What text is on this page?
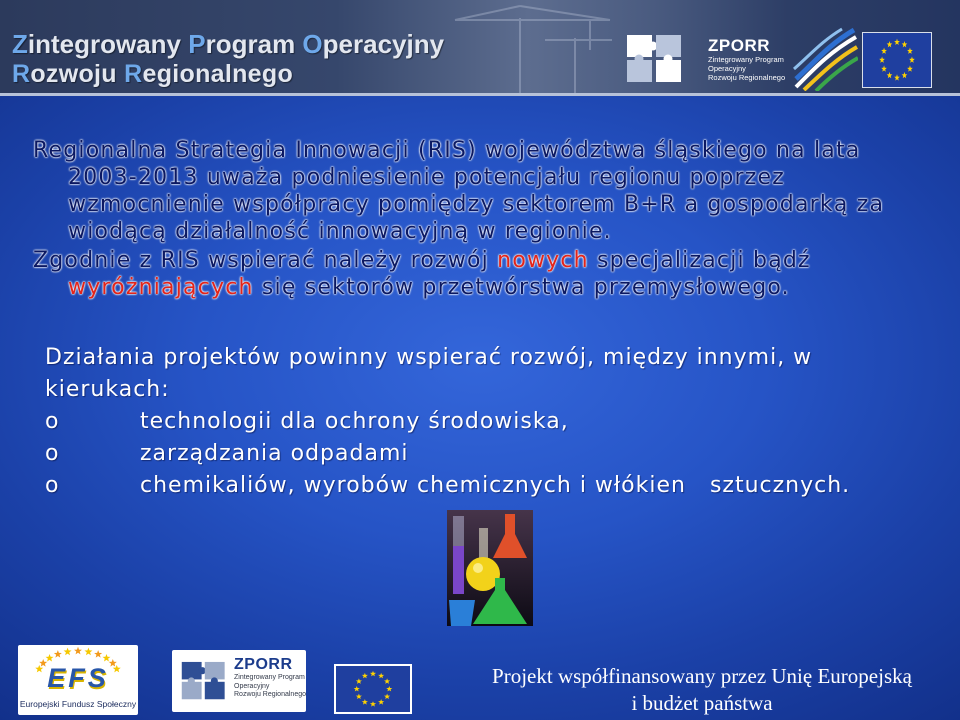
Zintegrowany Program Operacyjny
Rozwoju Regionalnego
ZPORR
Zintegrowany Program
Operacyjny
Rozwoju Regionalnego
Regionalna Strategia Innowacji (RIS) województwa śląskiego na lata
2003-2013 uważa podniesienie potencjału regionu poprzez
wzmocnienie współpracy pomiędzy sektorem B+R a gospodarką za
wiodącą działalność innowacyjną w regionie.
Zgodnie z RIS wspierać należy rozwój nowych specjalizacji bądź
wyróżniających się sektorów przetwórstwa przemysłowego.
Działania projektów powinny wspierać rozwój, między innymi, w
kierukach:
o	technologii dla ochrony środowiska,
o	zarządzania odpadami
o	chemikaliów, wyrobów chemicznych i włókien   sztucznych.
EFS
Europejski Fundusz Społeczny
ZPORR
Zintegrowany Program
Operacyjny
Rozwoju Regionalnego
Projekt współfinansowany przez Unię Europejską
i budżet państwa
